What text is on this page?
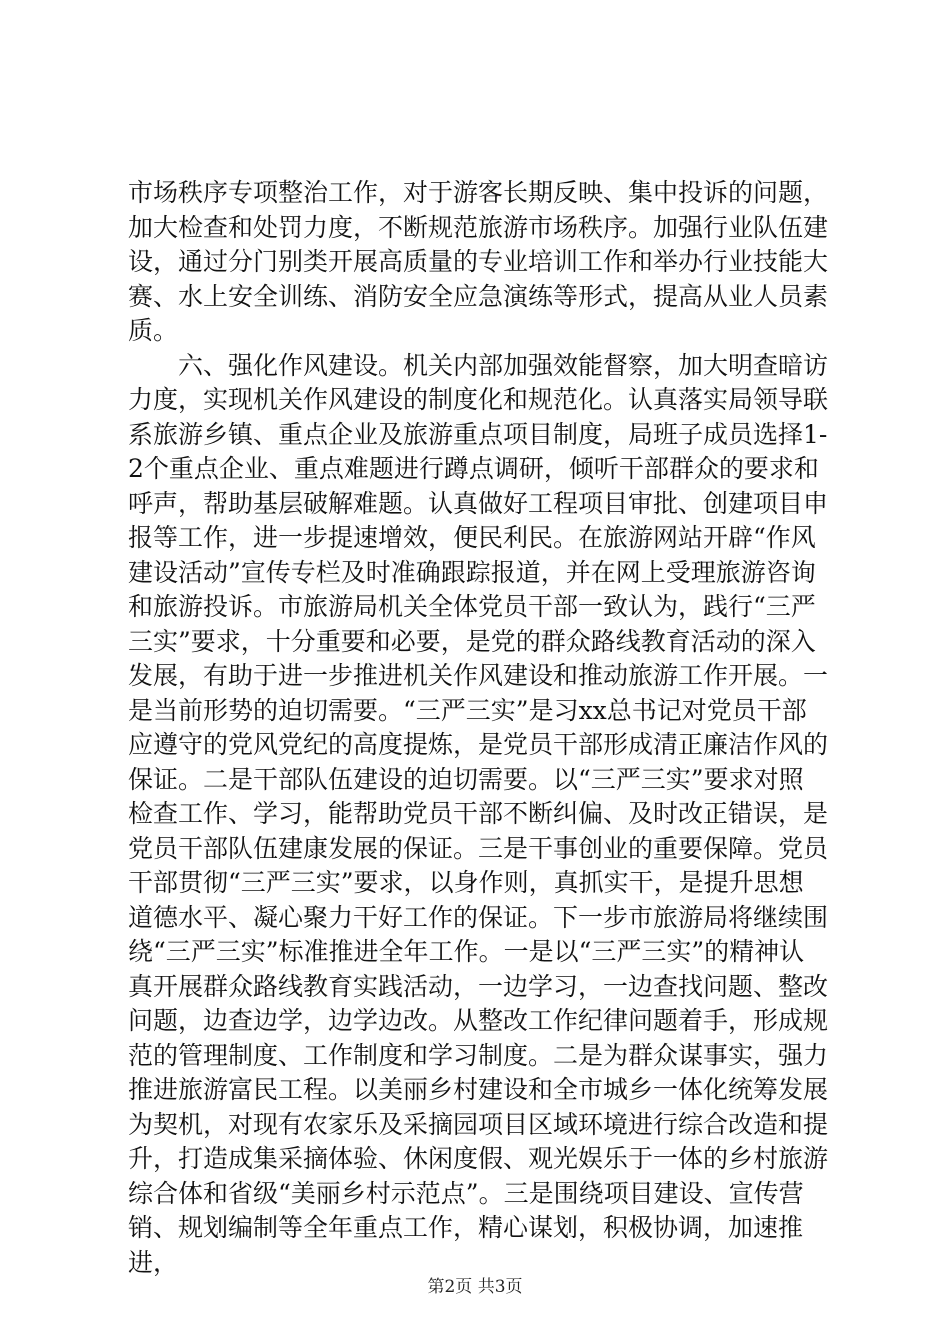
市场秩序专项整治工作，对于游客长期反映、集中投诉的问题，加大检查和处罚力度，不断规范旅游市场秩序。加强行业队伍建设，通过分门别类开展高质量的专业培训工作和举办行业技能大赛、水上安全训练、消防安全应急演练等形式，提高从业人员素质。

六、强化作风建设。机关内部加强效能督察，加大明查暗访力度，实现机关作风建设的制度化和规范化。认真落实局领导联系旅游乡镇、重点企业及旅游重点项目制度，局班子成员选择1-2个重点企业、重点难题进行蹲点调研，倾听干部群众的要求和呼声，帮助基层破解难题。认真做好工程项目审批、创建项目申报等工作，进一步提速增效，便民利民。在旅游网站开辟“作风建设活动”宣传专栏及时准确跟踪报道，并在网上受理旅游咨询和旅游投诉。市旅游局机关全体党员干部一致认为，践行“三严三实”要求，十分重要和必要，是党的群众路线教育活动的深入发展，有助于进一步推进机关作风建设和推动旅游工作开展。一是当前形势的迫切需要。“三严三实”是习xx总书记对党员干部应遵守的党风党纪的高度提炼，是党员干部形成清正廉洁作风的保证。二是干部队伍建设的迫切需要。以“三严三实”要求对照检查工作、学习，能帮助党员干部不断纠偏、及时改正错误，是党员干部队伍建康发展的保证。三是干事创业的重要保障。党员干部贯彻“三严三实”要求，以身作则，真抓实干，是提升思想道德水平、凝心聚力干好工作的保证。下一步市旅游局将继续围绕“三严三实”标准推进全年工作。一是以“三严三实”的精神认真开展群众路线教育实践活动，一边学习，一边查找问题、整改问题，边查边学，边学边改。从整改工作纪律问题着手，形成规范的管理制度、工作制度和学习制度。二是为群众谋事实，强力推进旅游富民工程。以美丽乡村建设和全市城乡一体化统筹发展为契机，对现有农家乐及采摘园项目区域环境进行综合改造和提升，打造成集采摘体验、休闲度假、观光娱乐于一体的乡村旅游综合体和省级“美丽乡村示范点”。三是围绕项目建设、宣传营销、规划编制等全年重点工作，精心谋划，积极协调，加速推进，

第2页 共3页
